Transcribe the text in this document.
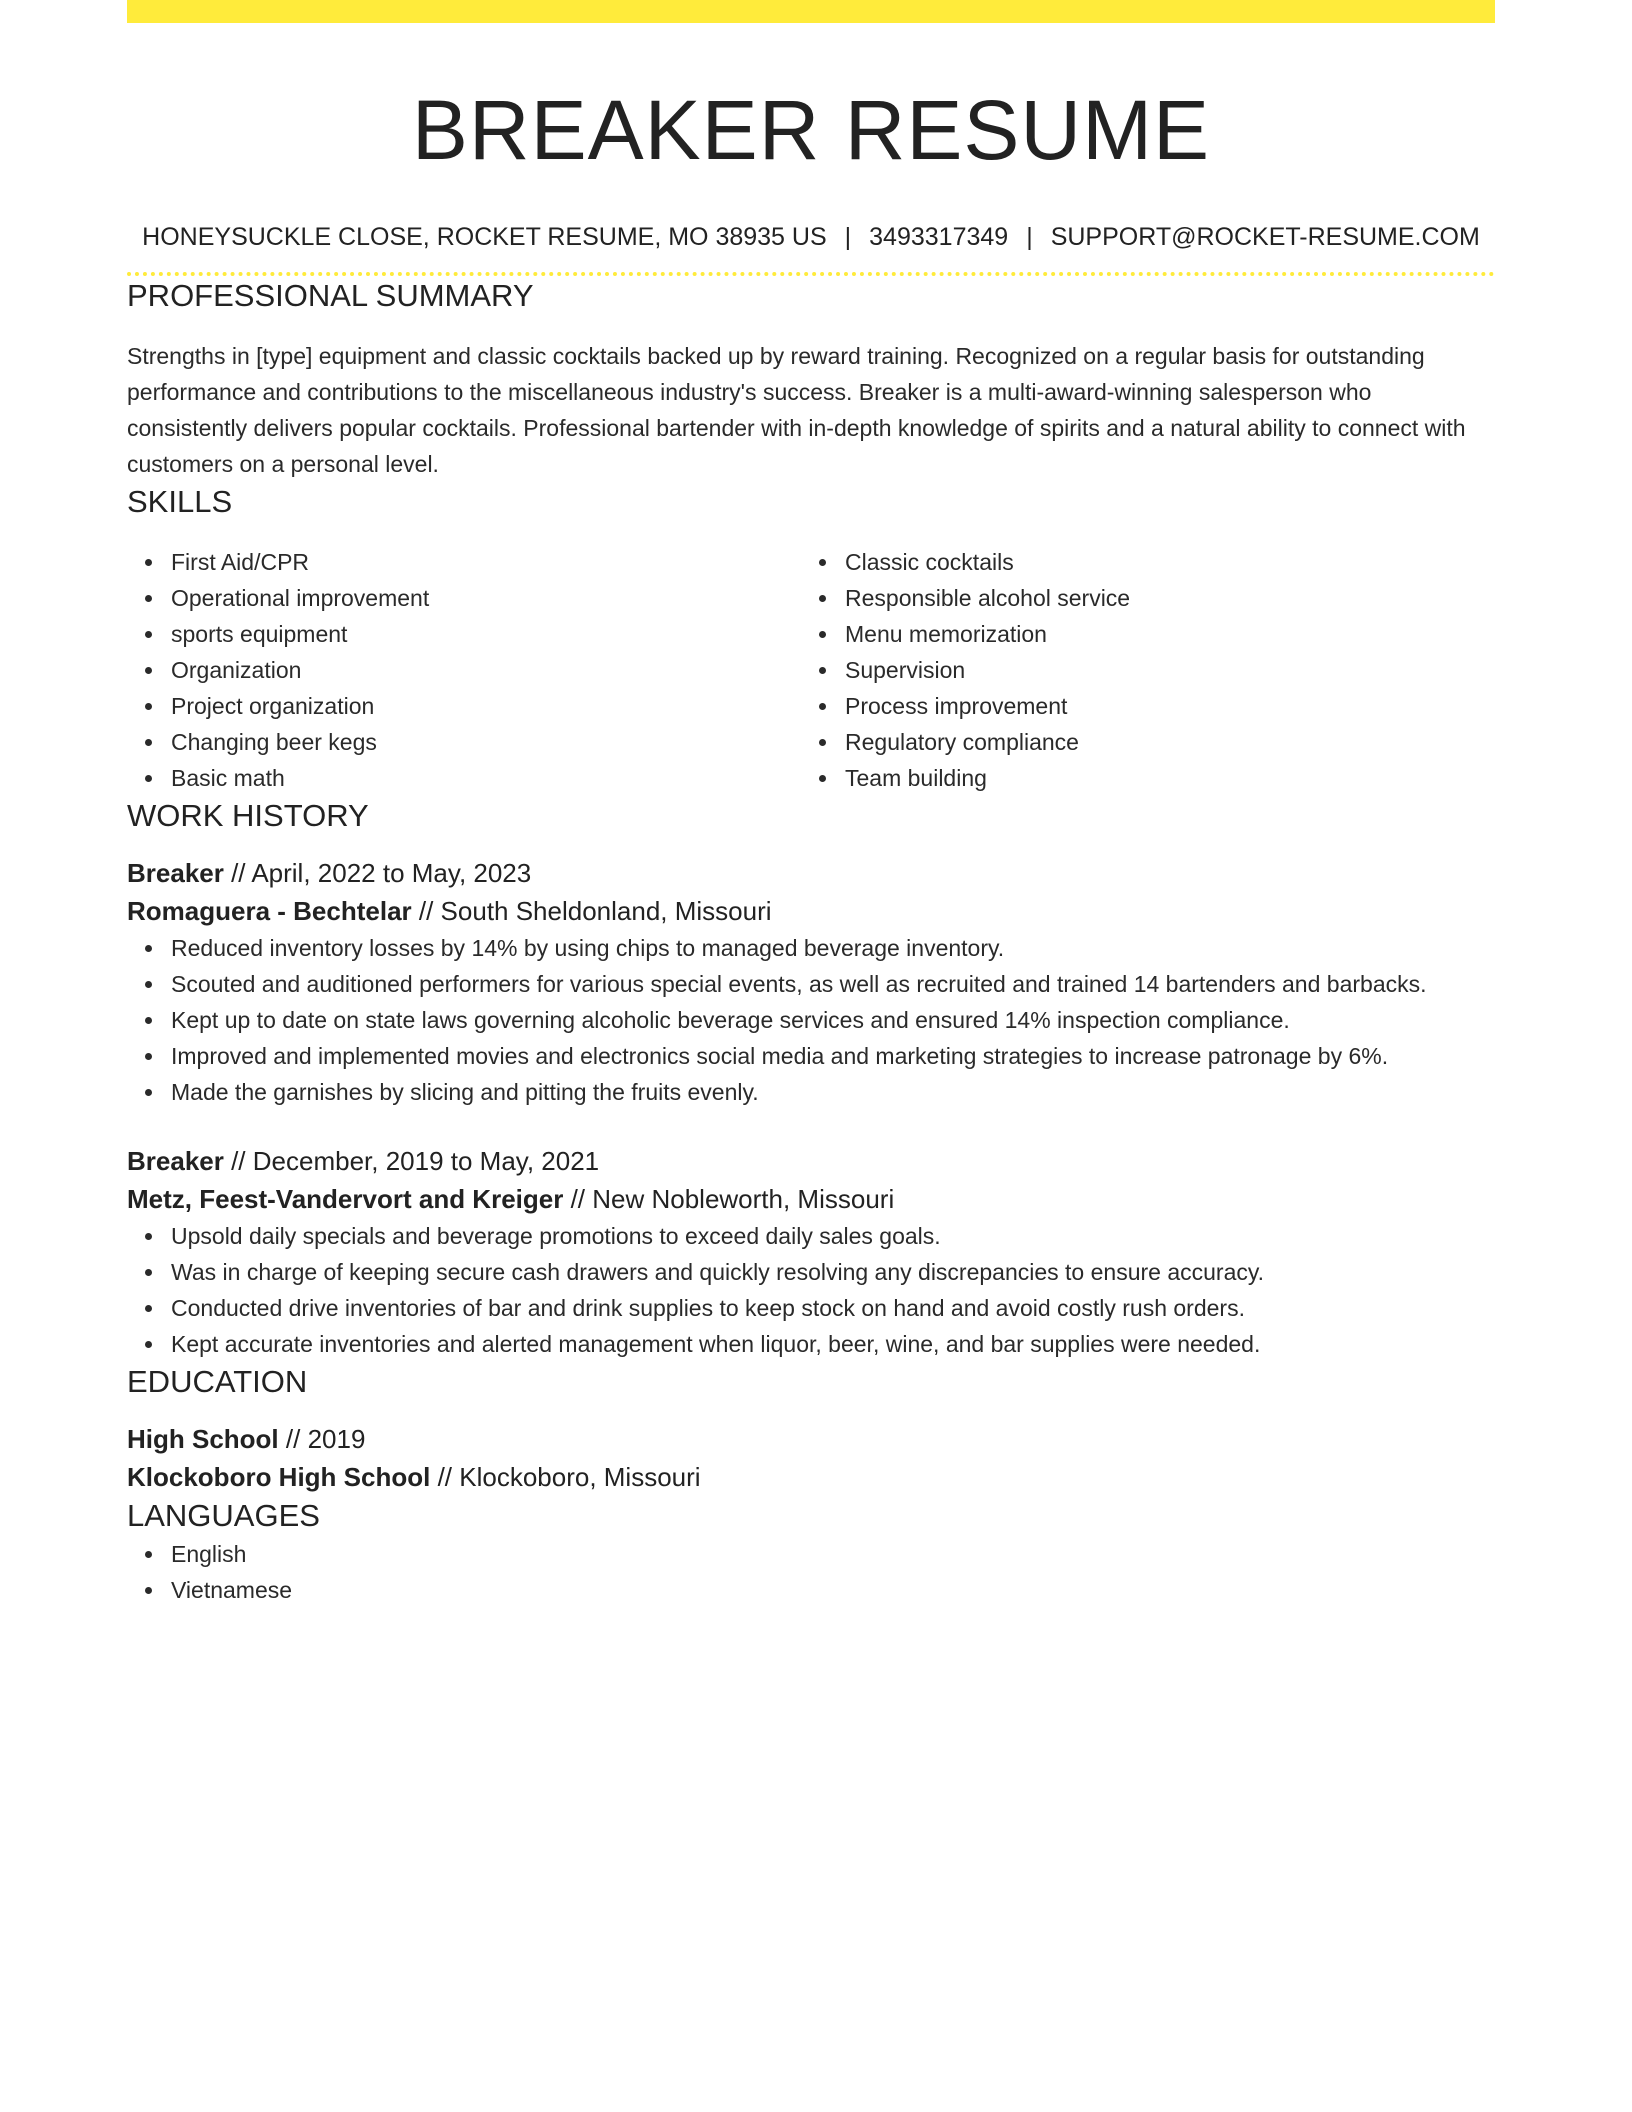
BREAKER RESUME
HONEYSUCKLE CLOSE, ROCKET RESUME, MO 38935 US | 3493317349 | SUPPORT@ROCKET-RESUME.COM
PROFESSIONAL SUMMARY

Strengths in [type] equipment and classic cocktails backed up by reward training. Recognized on a regular basis for outstanding performance and contributions to the miscellaneous industry's success. Breaker is a multi-award-winning salesperson who consistently delivers popular cocktails. Professional bartender with in-depth knowledge of spirits and a natural ability to connect with customers on a personal level.

SKILLS
First Aid/CPR
Operational improvement
sports equipment
Organization
Project organization
Changing beer kegs
Basic math
Classic cocktails
Responsible alcohol service
Menu memorization
Supervision
Process improvement
Regulatory compliance
Team building
WORK HISTORY
Breaker // April, 2022 to May, 2023
Romaguera - Bechtelar // South Sheldonland, Missouri
Reduced inventory losses by 14% by using chips to managed beverage inventory.
Scouted and auditioned performers for various special events, as well as recruited and trained 14 bartenders and barbacks.
Kept up to date on state laws governing alcoholic beverage services and ensured 14% inspection compliance.
Improved and implemented movies and electronics social media and marketing strategies to increase patronage by 6%.
Made the garnishes by slicing and pitting the fruits evenly.
Breaker // December, 2019 to May, 2021
Metz, Feest-Vandervort and Kreiger // New Nobleworth, Missouri
Upsold daily specials and beverage promotions to exceed daily sales goals.
Was in charge of keeping secure cash drawers and quickly resolving any discrepancies to ensure accuracy.
Conducted drive inventories of bar and drink supplies to keep stock on hand and avoid costly rush orders.
Kept accurate inventories and alerted management when liquor, beer, wine, and bar supplies were needed.
EDUCATION
High School // 2019
Klockoboro High School // Klockoboro, Missouri
LANGUAGES
English
Vietnamese
